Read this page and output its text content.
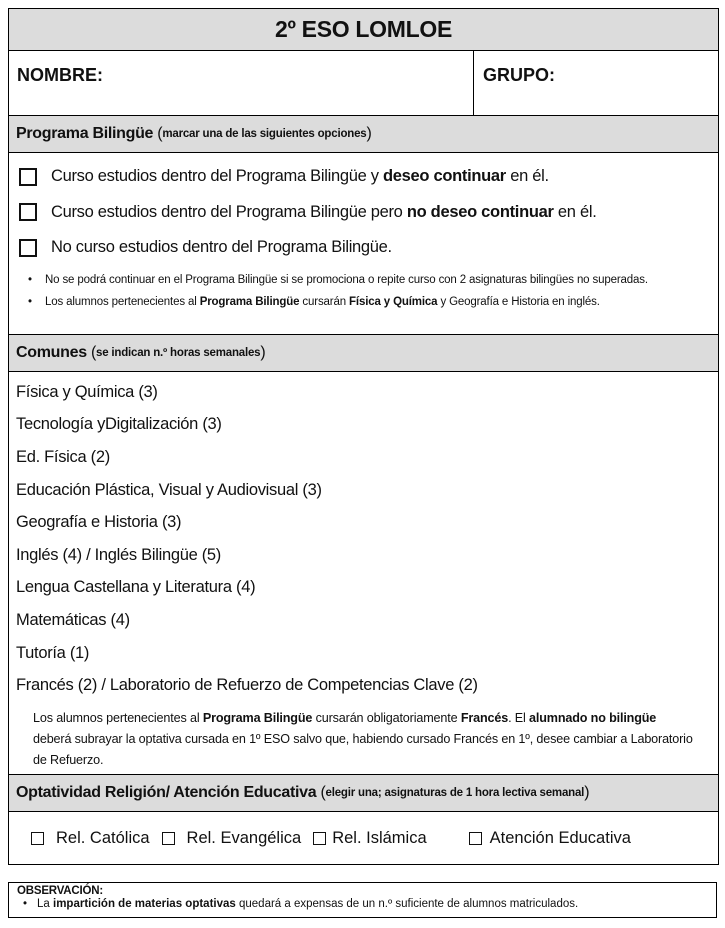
2º ESO LOMLOE
NOMBRE:	GRUPO:
Programa Bilingüe ( marcar una de las siguientes opciones )
Curso estudios dentro del Programa Bilingüe y deseo continuar en él.
Curso estudios dentro del Programa Bilingüe pero no deseo continuar en él.
No curso estudios dentro del Programa Bilingüe.
• No se podrá continuar en el Programa Bilingüe si se promociona o repite curso con 2 asignaturas bilingües no superadas.
• Los alumnos pertenecientes al Programa Bilingüe cursarán Física y Química y Geografía e Historia en inglés.
Comunes ( se indican n.º horas semanales )
Física y Química (3)
Tecnología yDigitalización (3)
Ed. Física (2)
Educación Plástica, Visual y Audiovisual (3)
Geografía e Historia (3)
Inglés (4) / Inglés Bilingüe (5)
Lengua Castellana y Literatura (4)
Matemáticas (4)
Tutoría (1)
Francés (2) / Laboratorio de Refuerzo de Competencias Clave (2)
Los alumnos pertenecientes al Programa Bilingüe cursarán obligatoriamente Francés. El alumnado no bilingüe deberá subrayar la optativa cursada en 1º ESO salvo que, habiendo cursado Francés en 1º, desee cambiar a Laboratorio de Refuerzo.
Optatividad Religión/ Atención Educativa ( elegir una; asignaturas de 1 hora lectiva semanal )
Rel. Católica Rel. Evangélica Rel. Islámica	Atención Educativa
OBSERVACIÓN:
• La impartición de materias optativas quedará a expensas de un n.º suficiente de alumnos matriculados.
